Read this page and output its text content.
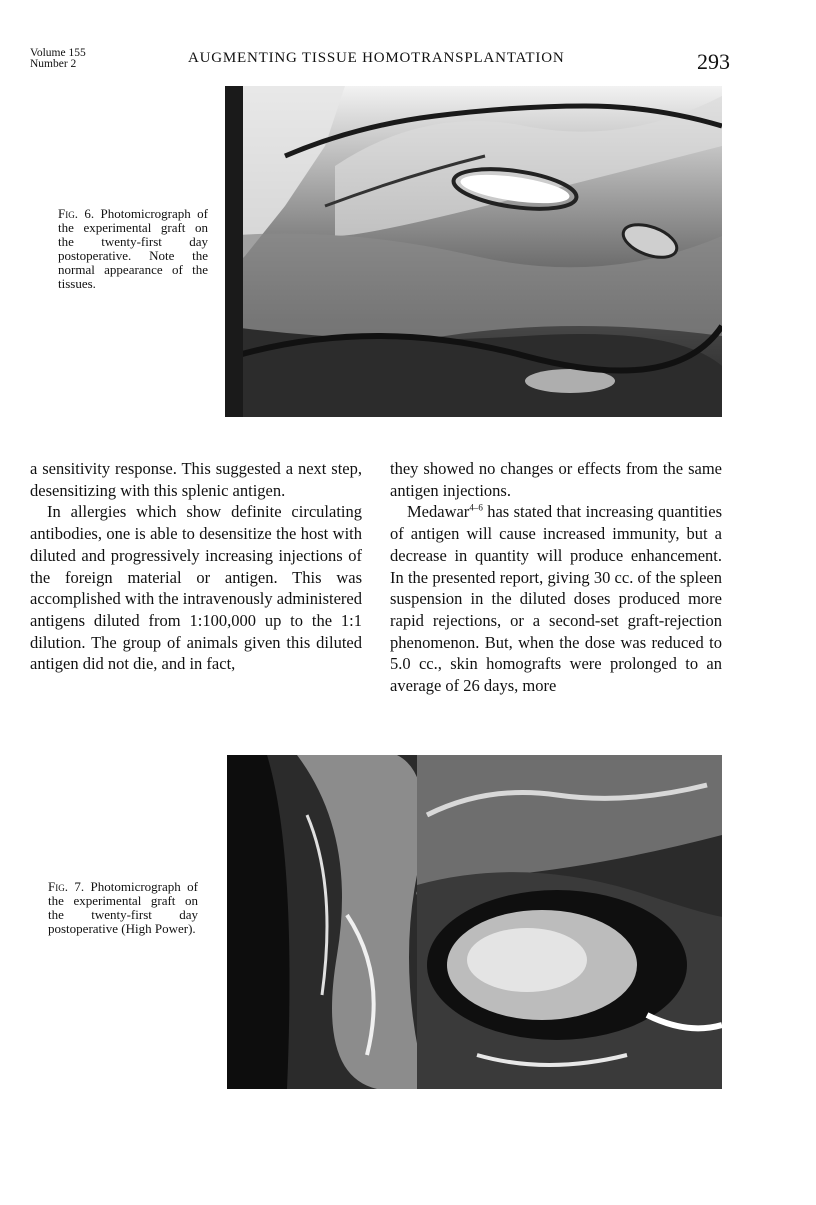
Volume 155
Number 2	AUGMENTING TISSUE HOMOTRANSPLANTATION	293

Fig. 6. Photomicrograph of the experimental graft on the twenty-first day postoperative. Note the normal appearance of the tissues.

a sensitivity response. This suggested a next step, desensitizing with this splenic antigen.

In allergies which show definite circulating antibodies, one is able to desensitize the host with diluted and progressively increasing injections of the foreign material or antigen. This was accomplished with the intravenously administered antigens diluted from 1:100,000 up to the 1:1 dilution. The group of animals given this diluted antigen did not die, and in fact,

they showed no changes or effects from the same antigen injections.

Medawar$^{4-6}$ has stated that increasing quantities of antigen will cause increased immunity, but a decrease in quantity will produce enhancement. In the presented report, giving 30 cc. of the spleen suspension in the diluted doses produced more rapid rejections, or a second-set graft-rejection phenomenon. But, when the dose was reduced to 5.0 cc., skin homografts were prolonged to an average of 26 days, more

Fig. 7. Photomicrograph of the experimental graft on the twenty-first day postoperative (High Power).
